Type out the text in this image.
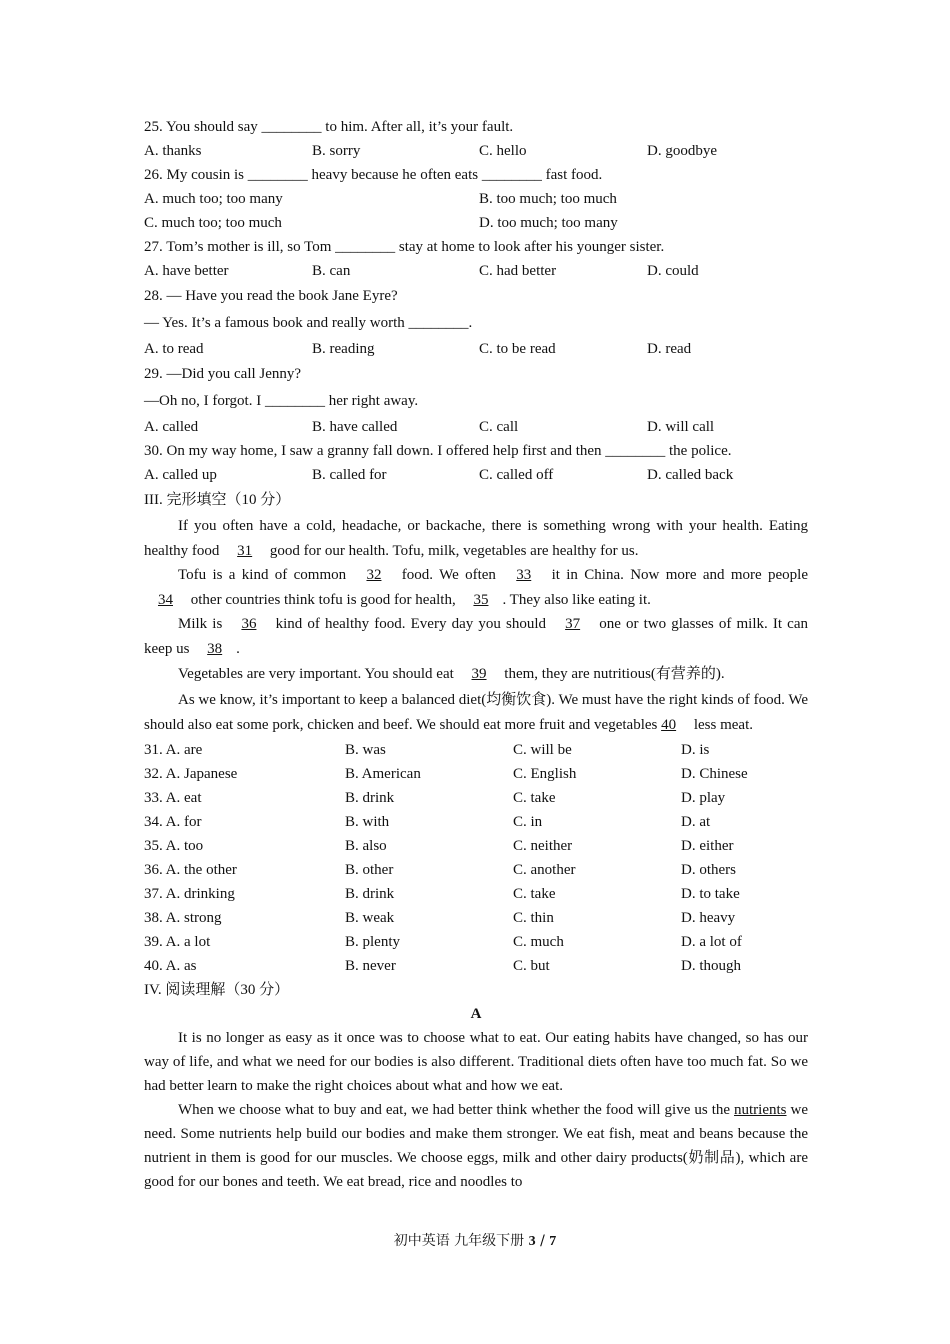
25. You should say ________ to him. After all, it’s your fault.
A. thanks	B. sorry	C. hello	D. goodbye
26. My cousin is ________ heavy because he often eats ________ fast food.
A. much too; too many	B. too much; too much
C. much too; too much	D. too much; too many
27. Tom’s mother is ill, so Tom ________ stay at home to look after his younger sister.
A. have better	B. can	C. had better	D. could
28. — Have you read the book Jane Eyre?
— Yes. It’s a famous book and really worth ________.
A. to read	B. reading	C. to be read	D. read
29. —Did you call Jenny?
—Oh no, I forgot. I ________ her right away.
A. called	B. have called	C. call	D. will call
30. On my way home, I saw a granny fall down. I offered help first and then ________ the police.
A. called up	B. called for	C. called off	D. called back
III. 完形填空（10 分）

If you often have a cold, headache, or backache, there is something wrong with your health. Eating healthy food 31 good for our health. Tofu, milk, vegetables are healthy for us.

Tofu is a kind of common 32 food. We often 33 it in China. Now more and more people 34 other countries think tofu is good for health, 35 . They also like eating it.

Milk is 36 kind of healthy food. Every day you should 37 one or two glasses of milk. It can keep us 38 .

Vegetables are very important. You should eat 39 them, they are nutritious(有营养的).

As we know, it’s important to keep a balanced diet(均衡饮食). We must have the right kinds of food. We should also eat some pork, chicken and beef. We should eat more fruit and vegetables 40 less meat.

31. A. are	B. was	C. will be	D. is
32. A. Japanese	B. American	C. English	D. Chinese
33. A. eat	B. drink	C. take	D. play
34. A. for	B. with	C. in	D. at
35. A. too	B. also	C. neither	D. either
36. A. the other	B. other	C. another	D. others
37. A. drinking	B. drink	C. take	D. to take
38. A. strong	B. weak	C. thin	D. heavy
39. A. a lot	B. plenty	C. much	D. a lot of
40. A. as	B. never	C. but	D. though
IV. 阅读理解（30 分）
A

It is no longer as easy as it once was to choose what to eat. Our eating habits have changed, so has our way of life, and what we need for our bodies is also different. Traditional diets often have too much fat. So we had better learn to make the right choices about what and how we eat.

When we choose what to buy and eat, we had better think whether the food will give us the nutrients we need. Some nutrients help build our bodies and make them stronger. We eat fish, meat and beans because the nutrient in them is good for our muscles. We choose eggs, milk and other dairy products(奶制品), which are good for our bones and teeth. We eat bread, rice and noodles to

初中英语 九年级下册 3 / 7
